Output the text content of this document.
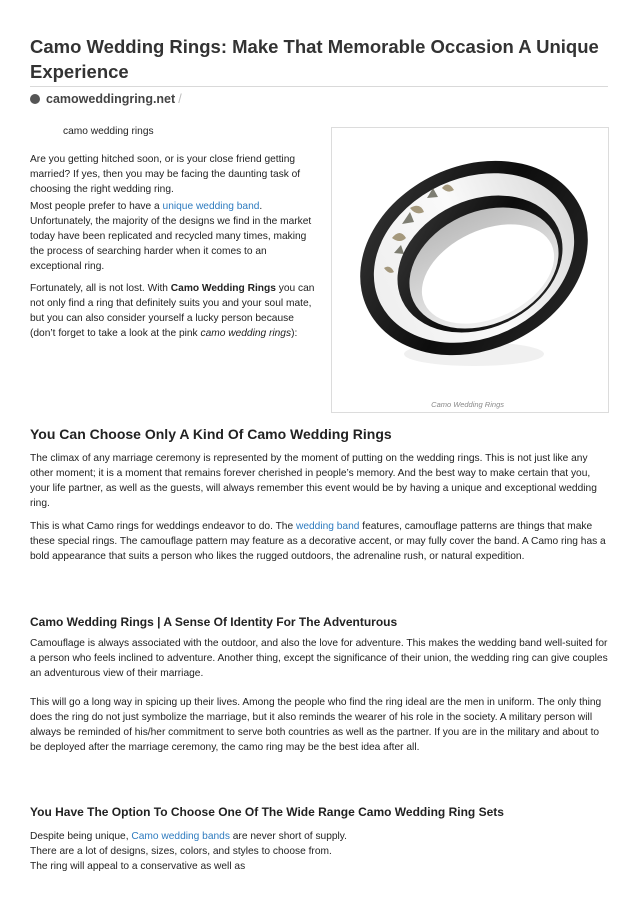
Camo Wedding Rings: Make That Memorable Occasion A Unique Experience
camoweddingring.net /
camo wedding rings

Are you getting hitched soon, or is your close friend getting married? If yes, then you may be facing the daunting task of choosing the right wedding ring.

Most people prefer to have a unique wedding band. Unfortunately, the majority of the designs we find in the market today have been replicated and recycled many times, making the process of searching harder when it comes to an exceptional ring.

Fortunately, all is not lost. With Camo Wedding Rings you can not only find a ring that definitely suits you and your soul mate, but you can also consider yourself a lucky person because (don’t forget to take a look at the pink camo wedding rings):

Camo Wedding Rings
You Can Choose Only A Kind Of Camo Wedding Rings

The climax of any marriage ceremony is represented by the moment of putting on the wedding rings. This is not just like any other moment; it is a moment that remains forever cherished in people’s memory. And the best way to make certain that you, your life partner, as well as the guests, will always remember this event would be by having a unique and exceptional wedding ring.

This is what Camo rings for weddings endeavor to do. The wedding band features, camouflage patterns are things that make these special rings. The camouflage pattern may feature as a decorative accent, or may fully cover the band. A Camo ring has a bold appearance that suits a person who likes the rugged outdoors, the adrenaline rush, or natural expedition.

Camo Wedding Rings | A Sense Of Identity For The Adventurous

Camouflage is always associated with the outdoor, and also the love for adventure. This makes the wedding band well-suited for a person who feels inclined to adventure. Another thing, except the significance of their union, the wedding ring can give couples an adventurous view of their marriage.

This will go a long way in spicing up their lives. Among the people who find the ring ideal are the men in uniform. The only thing does the ring do not just symbolize the marriage, but it also reminds the wearer of his role in the society. A military person will always be reminded of his/her commitment to serve both countries as well as the partner. If you are in the military and about to be deployed after the marriage ceremony, the camo ring may be the best idea after all.

You Have The Option To Choose One Of The Wide Range Camo Wedding Ring Sets

Despite being unique, Camo wedding bands are never short of supply. There are a lot of designs, sizes, colors, and styles to choose from. The ring will appeal to a conservative as well as
